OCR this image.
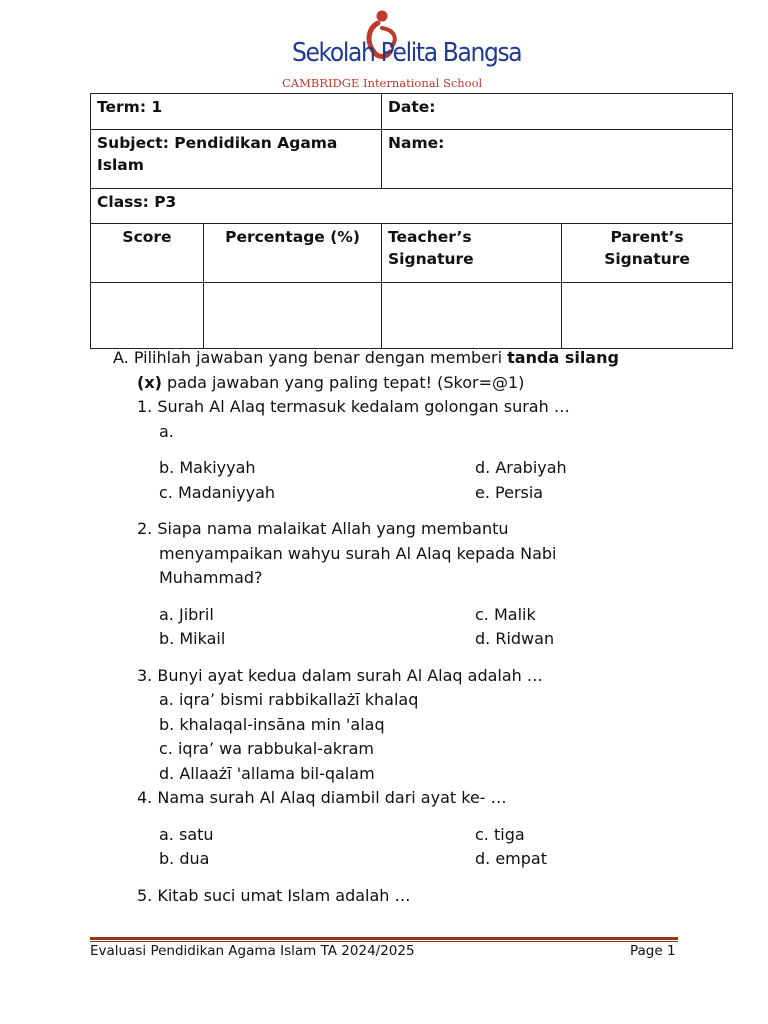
Sekolah Pelita Bangsa
CAMBRIDGE International School
Term: 1		Date:	
Subject: Pendidikan Agama Islam		Name:	
Class: P3			
Score	Percentage (%)	Teacher’s Signature	Parent’s Signature

A. Pilihlah jawaban yang benar dengan memberi tanda silang
(x) pada jawaban yang paling tepat! (Skor=@1)
1. Surah Al Alaq termasuk kedalam golongan surah …
a.
b. Makiyyah	d. Arabiyah
c. Madaniyyah	e. Persia
2. Siapa nama malaikat Allah yang membantu
menyampaikan wahyu surah Al Alaq kepada Nabi
Muhammad?
a. Jibril	c. Malik
b. Mikail	d. Ridwan
3. Bunyi ayat kedua dalam surah Al Alaq adalah …
a. iqra’ bismi rabbikallażī khalaq
b. khalaqal-insāna min 'alaq
c. iqra’ wa rabbukal-akram
d. Allaażī 'allama bil-qalam
4. Nama surah Al Alaq diambil dari ayat ke- …
a. satu	c. tiga
b. dua	d. empat
5. Kitab suci umat Islam adalah …
Evaluasi Pendidikan Agama Islam TA 2024/2025	Page 1
